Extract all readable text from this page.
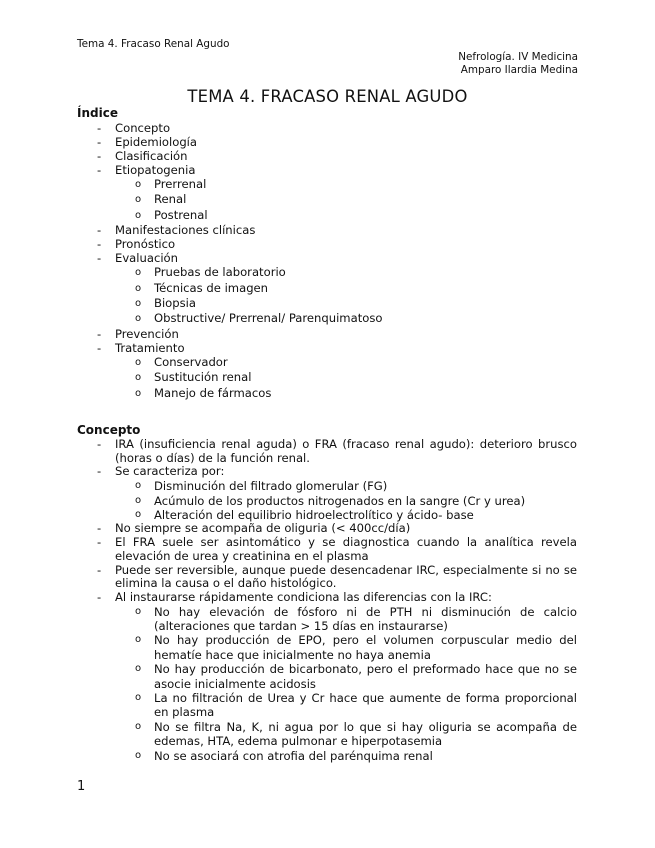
Tema 4. Fracaso Renal Agudo
Nefrología. IV Medicina
Amparo Ilardia Medina
TEMA 4. FRACASO RENAL AGUDO
Índice
- Concepto
- Epidemiología
- Clasificación
- Etiopatogenia
o Prerrenal
o Renal
o Postrenal
- Manifestaciones clínicas
- Pronóstico
- Evaluación
o Pruebas de laboratorio
o Técnicas de imagen
o Biopsia
o Obstructive/ Prerrenal/ Parenquimatoso
- Prevención
- Tratamiento
o Conservador
o Sustitución renal
o Manejo de fármacos
Concepto
- IRA (insuficiencia renal aguda) o FRA (fracaso renal agudo): deterioro brusco (horas o días) de la función renal.
- Se caracteriza por:
o Disminución del filtrado glomerular (FG)
o Acúmulo de los productos nitrogenados en la sangre (Cr y urea)
o Alteración del equilibrio hidroelectrolítico y ácido- base
- No siempre se acompaña de oliguria (< 400cc/día)
- El FRA suele ser asintomático y se diagnostica cuando la analítica revela elevación de urea y creatinina en el plasma
- Puede ser reversible, aunque puede desencadenar IRC, especialmente si no se elimina la causa o el daño histológico.
- Al instaurarse rápidamente condiciona las diferencias con la IRC:
o No hay elevación de fósforo ni de PTH ni disminución de calcio (alteraciones que tardan > 15 días en instaurarse)
o No hay producción de EPO, pero el volumen corpuscular medio del hematíe hace que inicialmente no haya anemia
o No hay producción de bicarbonato, pero el preformado hace que no se asocie inicialmente acidosis
o La no filtración de Urea y Cr hace que aumente de forma proporcional en plasma
o No se filtra Na, K, ni agua por lo que si hay oliguria se acompaña de edemas, HTA, edema pulmonar e hiperpotasemia
o No se asociará con atrofia del parénquima renal
1
